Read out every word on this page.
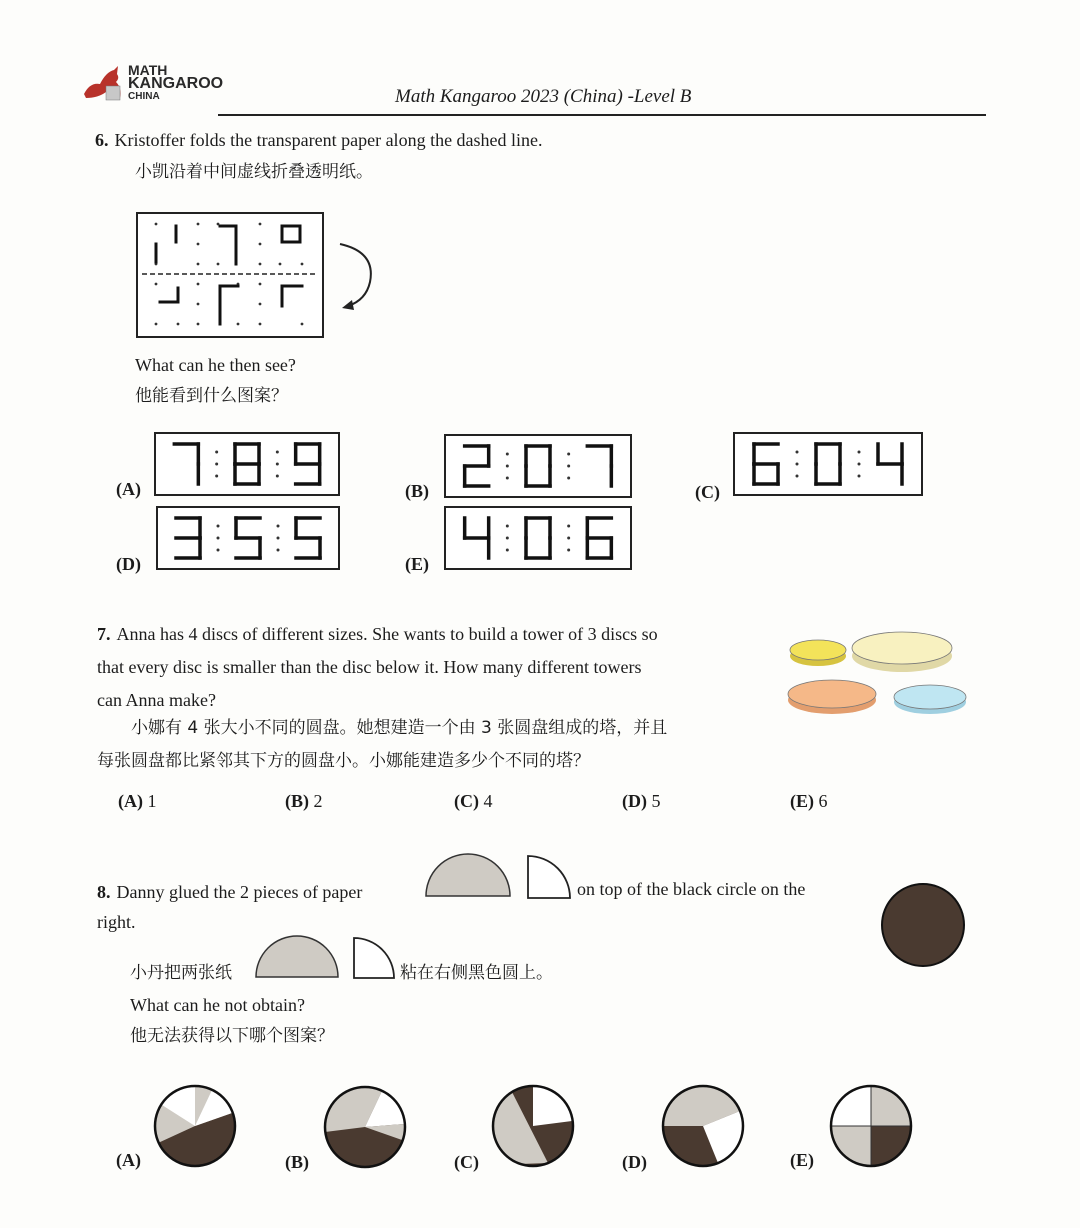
MATH
KANGAROO
CHINA	Math Kangaroo 2023 (China) -Level B
6. Kristoffer folds the transparent paper along the dashed line.
小凯沿着中间虚线折叠透明纸。
What can he then see?
他能看到什么图案？
(A)	(B)	(C)
(D)	(E)
7. Anna has 4 discs of different sizes. She wants to build a tower of 3 discs so
that every disc is smaller than the disc below it. How many different towers
can Anna make?
小娜有 4 张大小不同的圆盘。她想建造一个由 3 张圆盘组成的塔，并且
每张圆盘都比紧邻其下方的圆盘小。小娜能建造多少个不同的塔？
(A) 1	(B) 2	(C) 4	(D) 5	(E) 6
8. Danny glued the 2 pieces of paper	on top of the black circle on the
right.
小丹把两张纸	粘在右侧黑色圆上。
What can he not obtain?
他无法获得以下哪个图案？
(A)	(B)	(C)	(D)	(E)
